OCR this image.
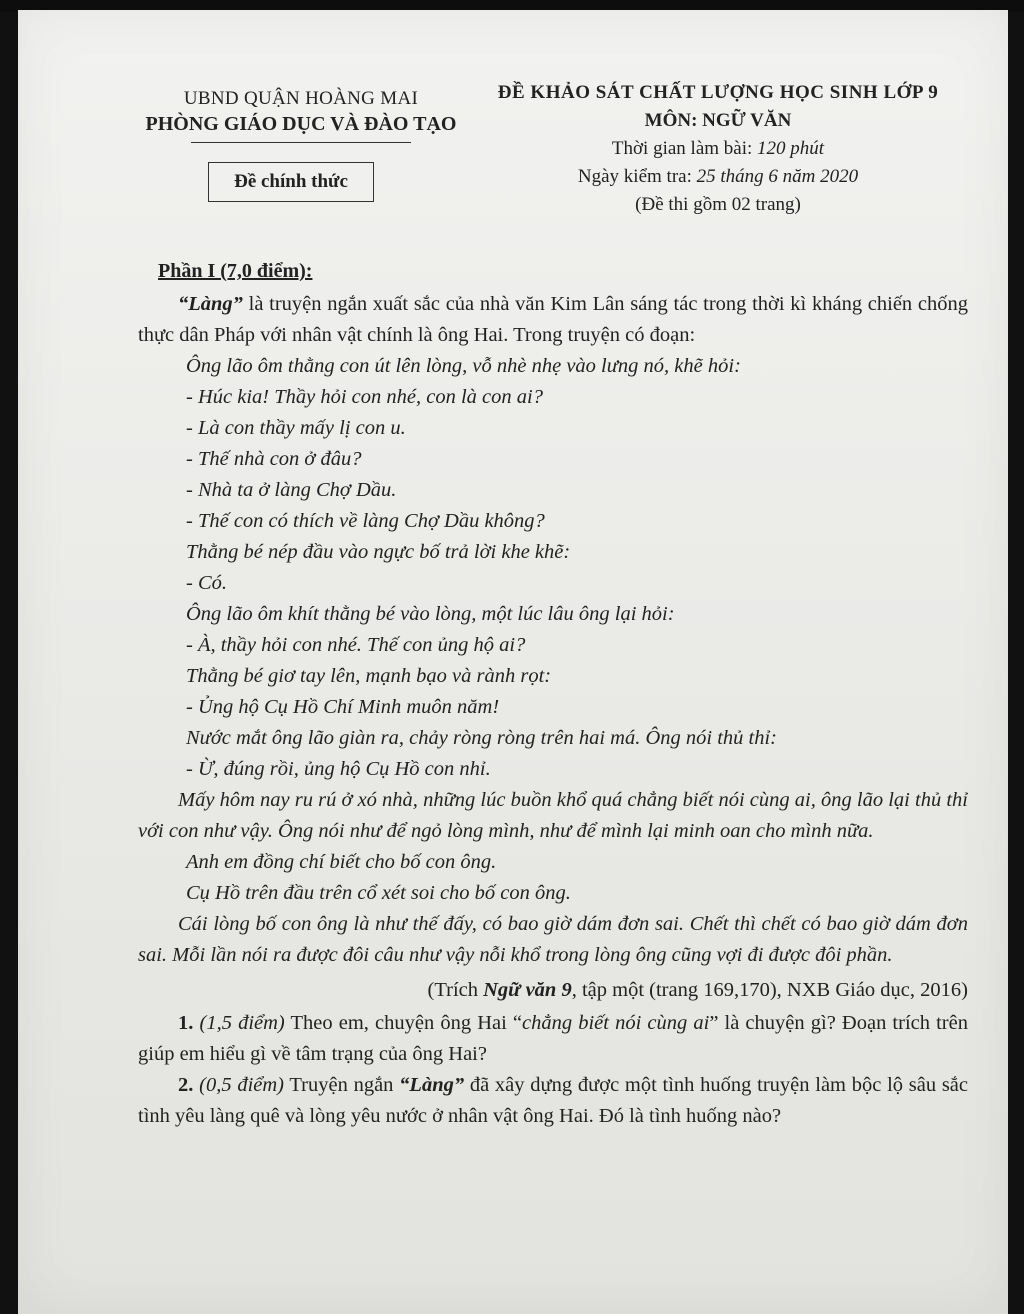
UBND QUẬN HOÀNG MAI
PHÒNG GIÁO DỤC VÀ ĐÀO TẠO
Đề chính thức
ĐỀ KHẢO SÁT CHẤT LƯỢNG HỌC SINH LỚP 9
MÔN: NGỮ VĂN
Thời gian làm bài: 120 phút
Ngày kiểm tra: 25 tháng 6 năm 2020
(Đề thi gồm 02 trang)
Phần I (7,0 điểm):

“Làng” là truyện ngắn xuất sắc của nhà văn Kim Lân sáng tác trong thời kì kháng chiến chống thực dân Pháp với nhân vật chính là ông Hai. Trong truyện có đoạn:

Ông lão ôm thằng con út lên lòng, vỗ nhè nhẹ vào lưng nó, khẽ hỏi:

- Húc kia! Thầy hỏi con nhé, con là con ai?

- Là con thầy mấy lị con u.

- Thế nhà con ở đâu?

- Nhà ta ở làng Chợ Dầu.

- Thế con có thích về làng Chợ Dầu không?

Thằng bé nép đầu vào ngực bố trả lời khe khẽ:

- Có.

Ông lão ôm khít thằng bé vào lòng, một lúc lâu ông lại hỏi:

- À, thầy hỏi con nhé. Thế con ủng hộ ai?

Thằng bé giơ tay lên, mạnh bạo và rành rọt:

- Ủng hộ Cụ Hồ Chí Minh muôn năm!

Nước mắt ông lão giàn ra, chảy ròng ròng trên hai má. Ông nói thủ thỉ:

- Ừ, đúng rồi, ủng hộ Cụ Hồ con nhỉ.

Mấy hôm nay ru rú ở xó nhà, những lúc buồn khổ quá chẳng biết nói cùng ai, ông lão lại thủ thỉ với con như vậy. Ông nói như để ngỏ lòng mình, như để mình lại minh oan cho mình nữa.

Anh em đồng chí biết cho bố con ông.

Cụ Hồ trên đầu trên cổ xét soi cho bố con ông.

Cái lòng bố con ông là như thế đấy, có bao giờ dám đơn sai. Chết thì chết có bao giờ dám đơn sai. Mỗi lần nói ra được đôi câu như vậy nỗi khổ trong lòng ông cũng vợi đi được đôi phần.

(Trích Ngữ văn 9, tập một (trang 169,170), NXB Giáo dục, 2016)

1. (1,5 điểm) Theo em, chuyện ông Hai “chẳng biết nói cùng ai” là chuyện gì? Đoạn trích trên giúp em hiểu gì về tâm trạng của ông Hai?

2. (0,5 điểm) Truyện ngắn “Làng” đã xây dựng được một tình huống truyện làm bộc lộ sâu sắc tình yêu làng quê và lòng yêu nước ở nhân vật ông Hai. Đó là tình huống nào?
